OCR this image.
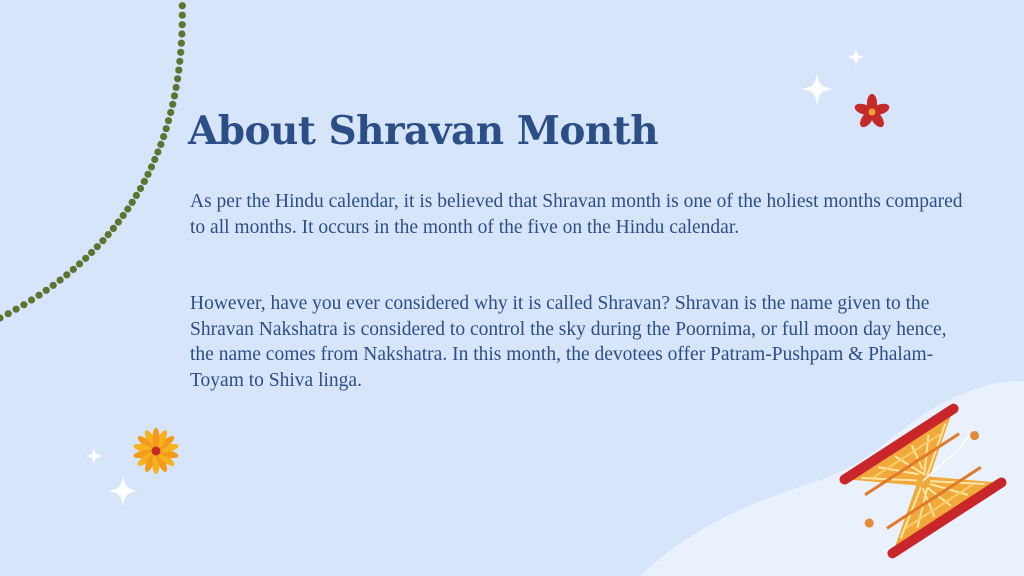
About Shravan Month

As per the Hindu calendar, it is believed that Shravan month is one of the holiest months compared to all months. It occurs in the month of the five on the Hindu calendar.

However, have you ever considered why it is called Shravan? Shravan is the name given to the Shravan Nakshatra is considered to control the sky during the Poornima, or full moon day hence, the name comes from Nakshatra. In this month, the devotees offer Patram-Pushpam & Phalam-Toyam to Shiva linga.
